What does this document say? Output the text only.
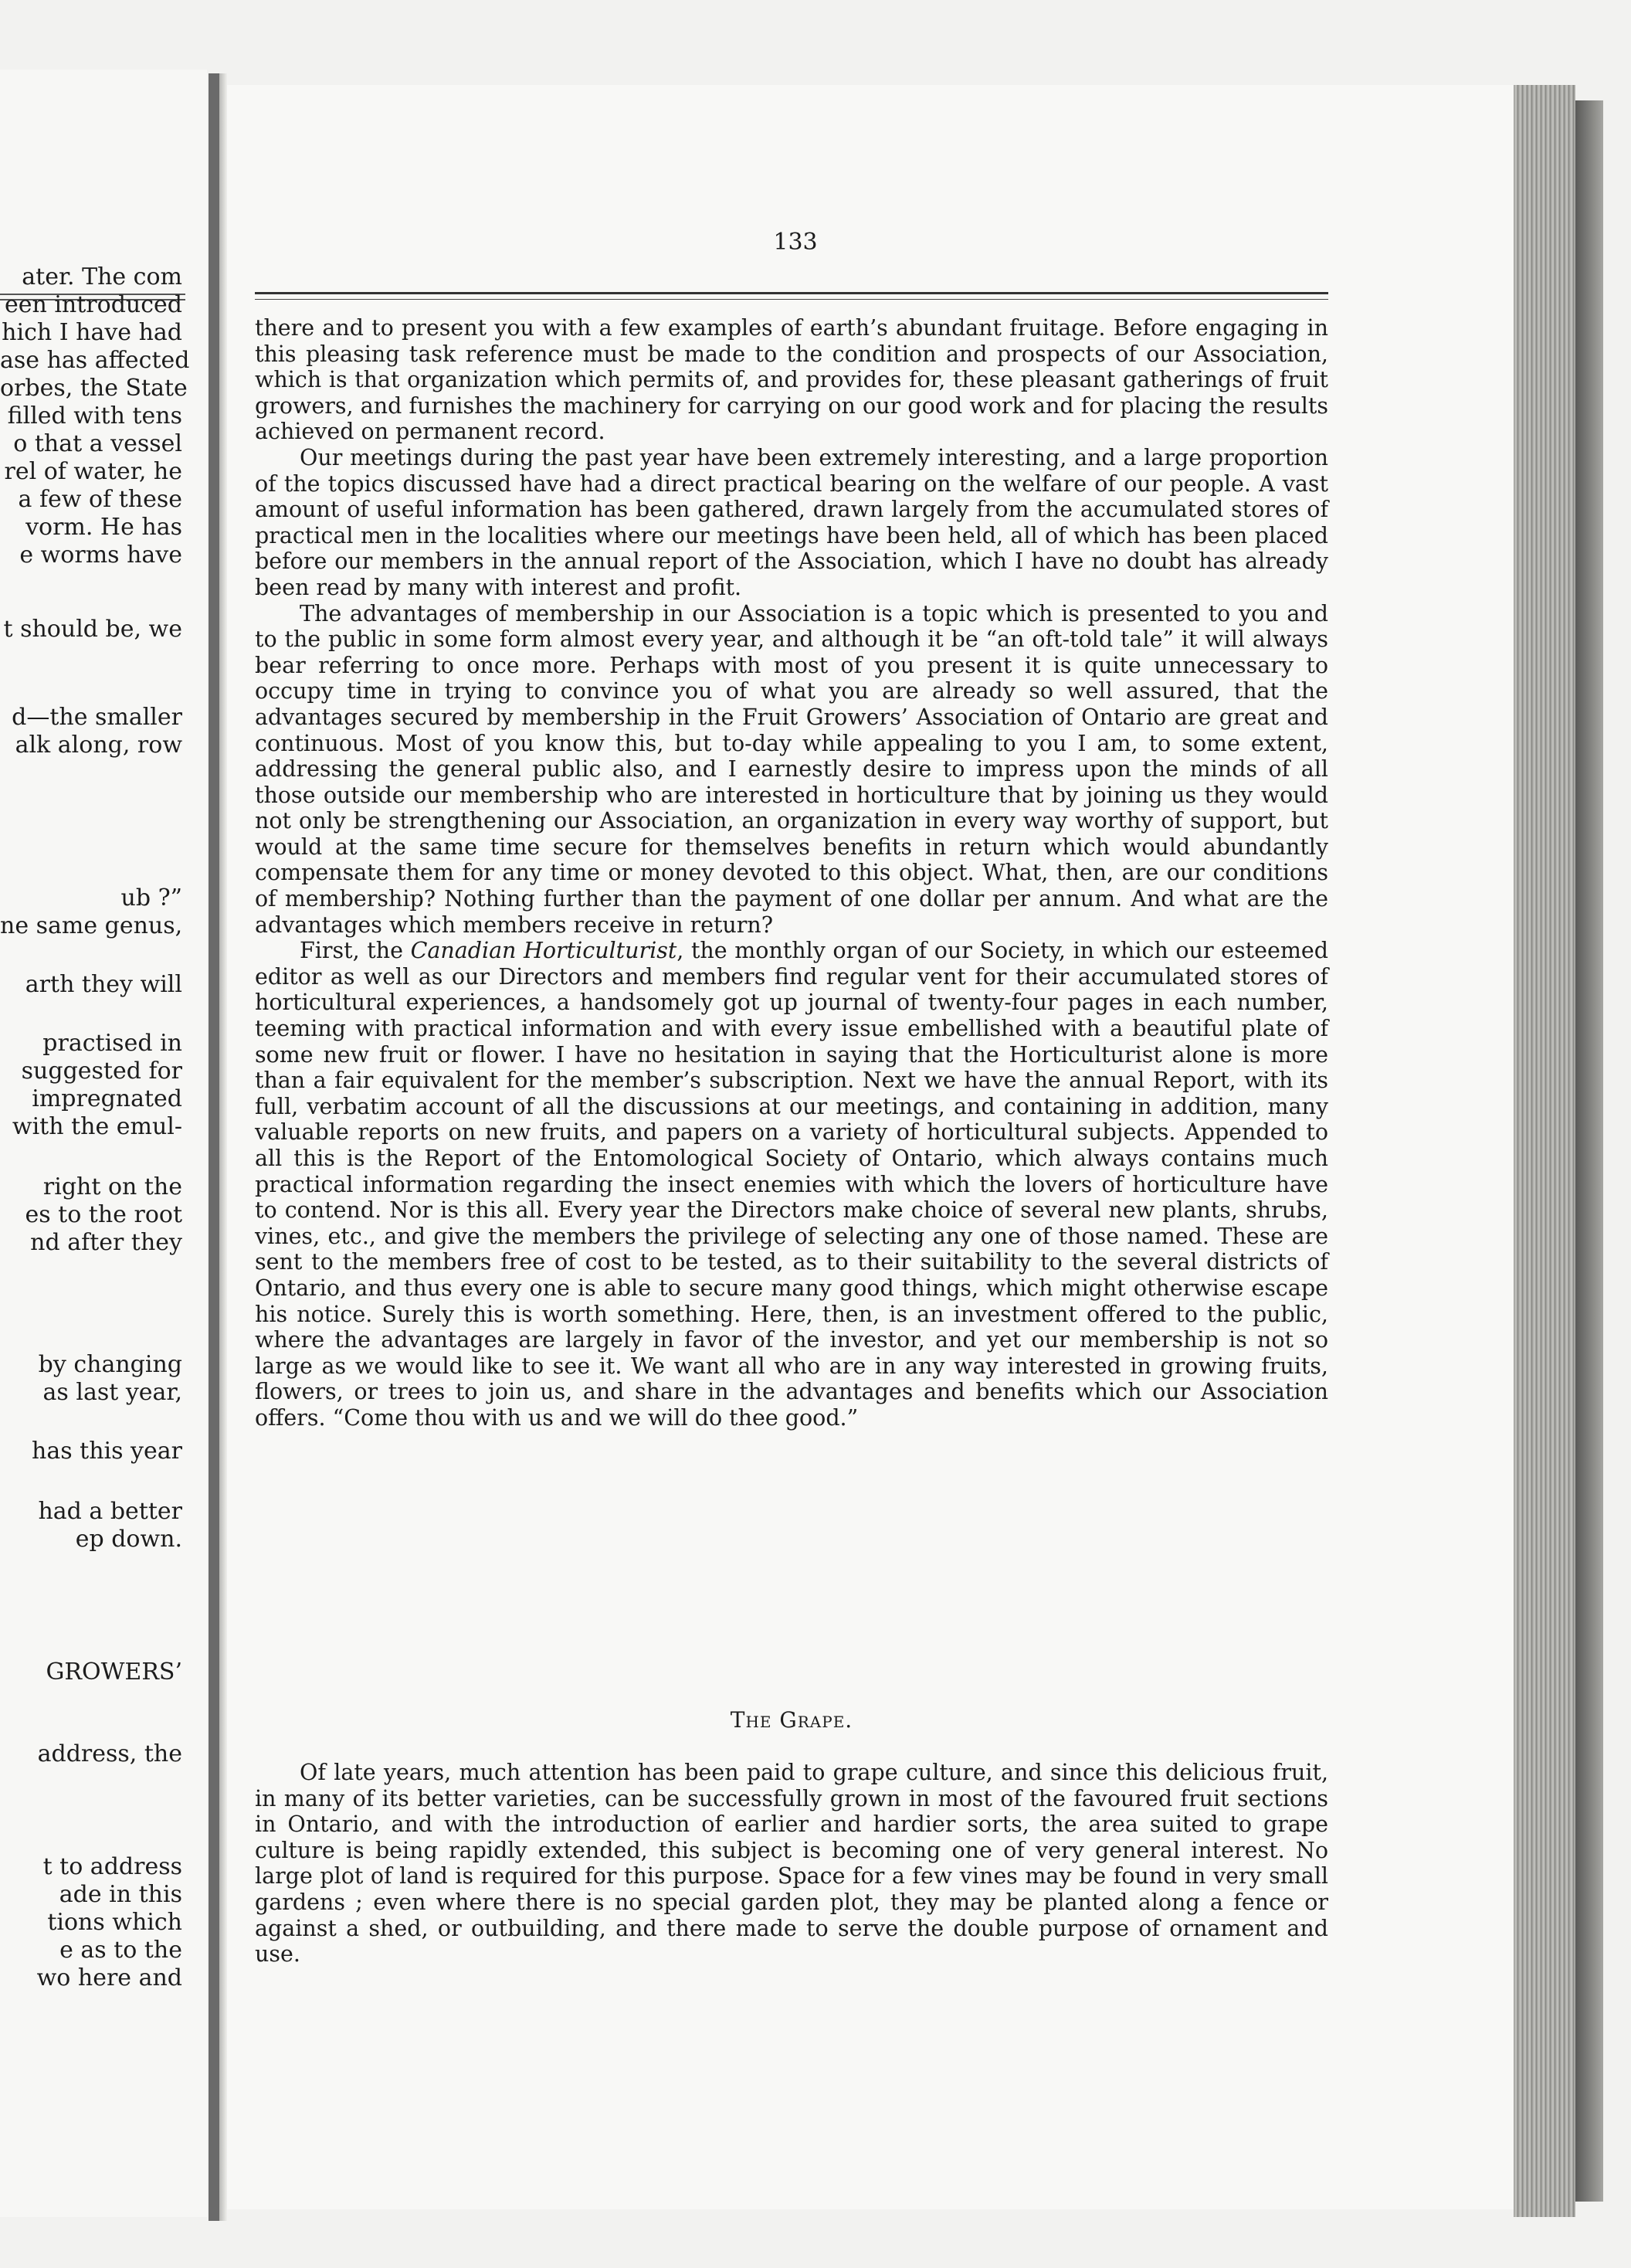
ater. The com
een introduced
hich I have had
ase has affected
orbes, the State
filled with tens
o that a vessel
rel of water, he
a few of these
vorm. He has
e worms have
t should be, we
d—the smaller
alk along, row
ub ?”
ne same genus,
arth they will
practised in
suggested for
impregnated
with the emul-
right on the
es to the root
nd after they
by changing
as last year,
has this year
had a better
ep down.
GROWERS’
address, the
t to address
ade in this
tions which
e as to the
wo here and
133

there and to present you with a few examples of earth’s abundant fruitage. Before engaging in this pleasing task reference must be made to the condition and prospects of our Association, which is that organization which permits of, and provides for, these pleasant gatherings of fruit growers, and furnishes the machinery for carrying on our good work and for placing the results achieved on permanent record.

Our meetings during the past year have been extremely interesting, and a large proportion of the topics discussed have had a direct practical bearing on the welfare of our people. A vast amount of useful information has been gathered, drawn largely from the accumulated stores of practical men in the localities where our meetings have been held, all of which has been placed before our members in the annual report of the Association, which I have no doubt has already been read by many with interest and profit.

The advantages of membership in our Association is a topic which is presented to you and to the public in some form almost every year, and although it be “an oft-told tale” it will always bear referring to once more. Perhaps with most of you present it is quite unnecessary to occupy time in trying to convince you of what you are already so well assured, that the advantages secured by membership in the Fruit Growers’ Association of Ontario are great and continuous. Most of you know this, but to-day while appealing to you I am, to some extent, addressing the general public also, and I earnestly desire to impress upon the minds of all those outside our membership who are interested in horticulture that by joining us they would not only be strengthening our Association, an organization in every way worthy of support, but would at the same time secure for themselves benefits in return which would abundantly compensate them for any time or money devoted to this object. What, then, are our conditions of membership? Nothing further than the payment of one dollar per annum. And what are the advantages which members receive in return?

First, the Canadian Horticulturist, the monthly organ of our Society, in which our esteemed editor as well as our Directors and members find regular vent for their accumulated stores of horticultural experiences, a handsomely got up journal of twenty-four pages in each number, teeming with practical information and with every issue embellished with a beautiful plate of some new fruit or flower. I have no hesitation in saying that the Horticulturist alone is more than a fair equivalent for the member’s subscription. Next we have the annual Report, with its full, verbatim account of all the discussions at our meetings, and containing in addition, many valuable reports on new fruits, and papers on a variety of horticultural subjects. Appended to all this is the Report of the Entomological Society of Ontario, which always contains much practical information regarding the insect enemies with which the lovers of horticulture have to contend. Nor is this all. Every year the Directors make choice of several new plants, shrubs, vines, etc., and give the members the privilege of selecting any one of those named. These are sent to the members free of cost to be tested, as to their suitability to the several districts of Ontario, and thus every one is able to secure many good things, which might otherwise escape his notice. Surely this is worth something. Here, then, is an investment offered to the public, where the advantages are largely in favor of the investor, and yet our membership is not so large as we would like to see it. We want all who are in any way interested in growing fruits, flowers, or trees to join us, and share in the advantages and benefits which our Association offers. “Come thou with us and we will do thee good.”

The Grape.

Of late years, much attention has been paid to grape culture, and since this delicious fruit, in many of its better varieties, can be successfully grown in most of the favoured fruit sections in Ontario, and with the introduction of earlier and hardier sorts, the area suited to grape culture is being rapidly extended, this subject is becoming one of very general interest. No large plot of land is required for this purpose. Space for a few vines may be found in very small gardens ; even where there is no special garden plot, they may be planted along a fence or against a shed, or outbuilding, and there made to serve the double purpose of ornament and use.
